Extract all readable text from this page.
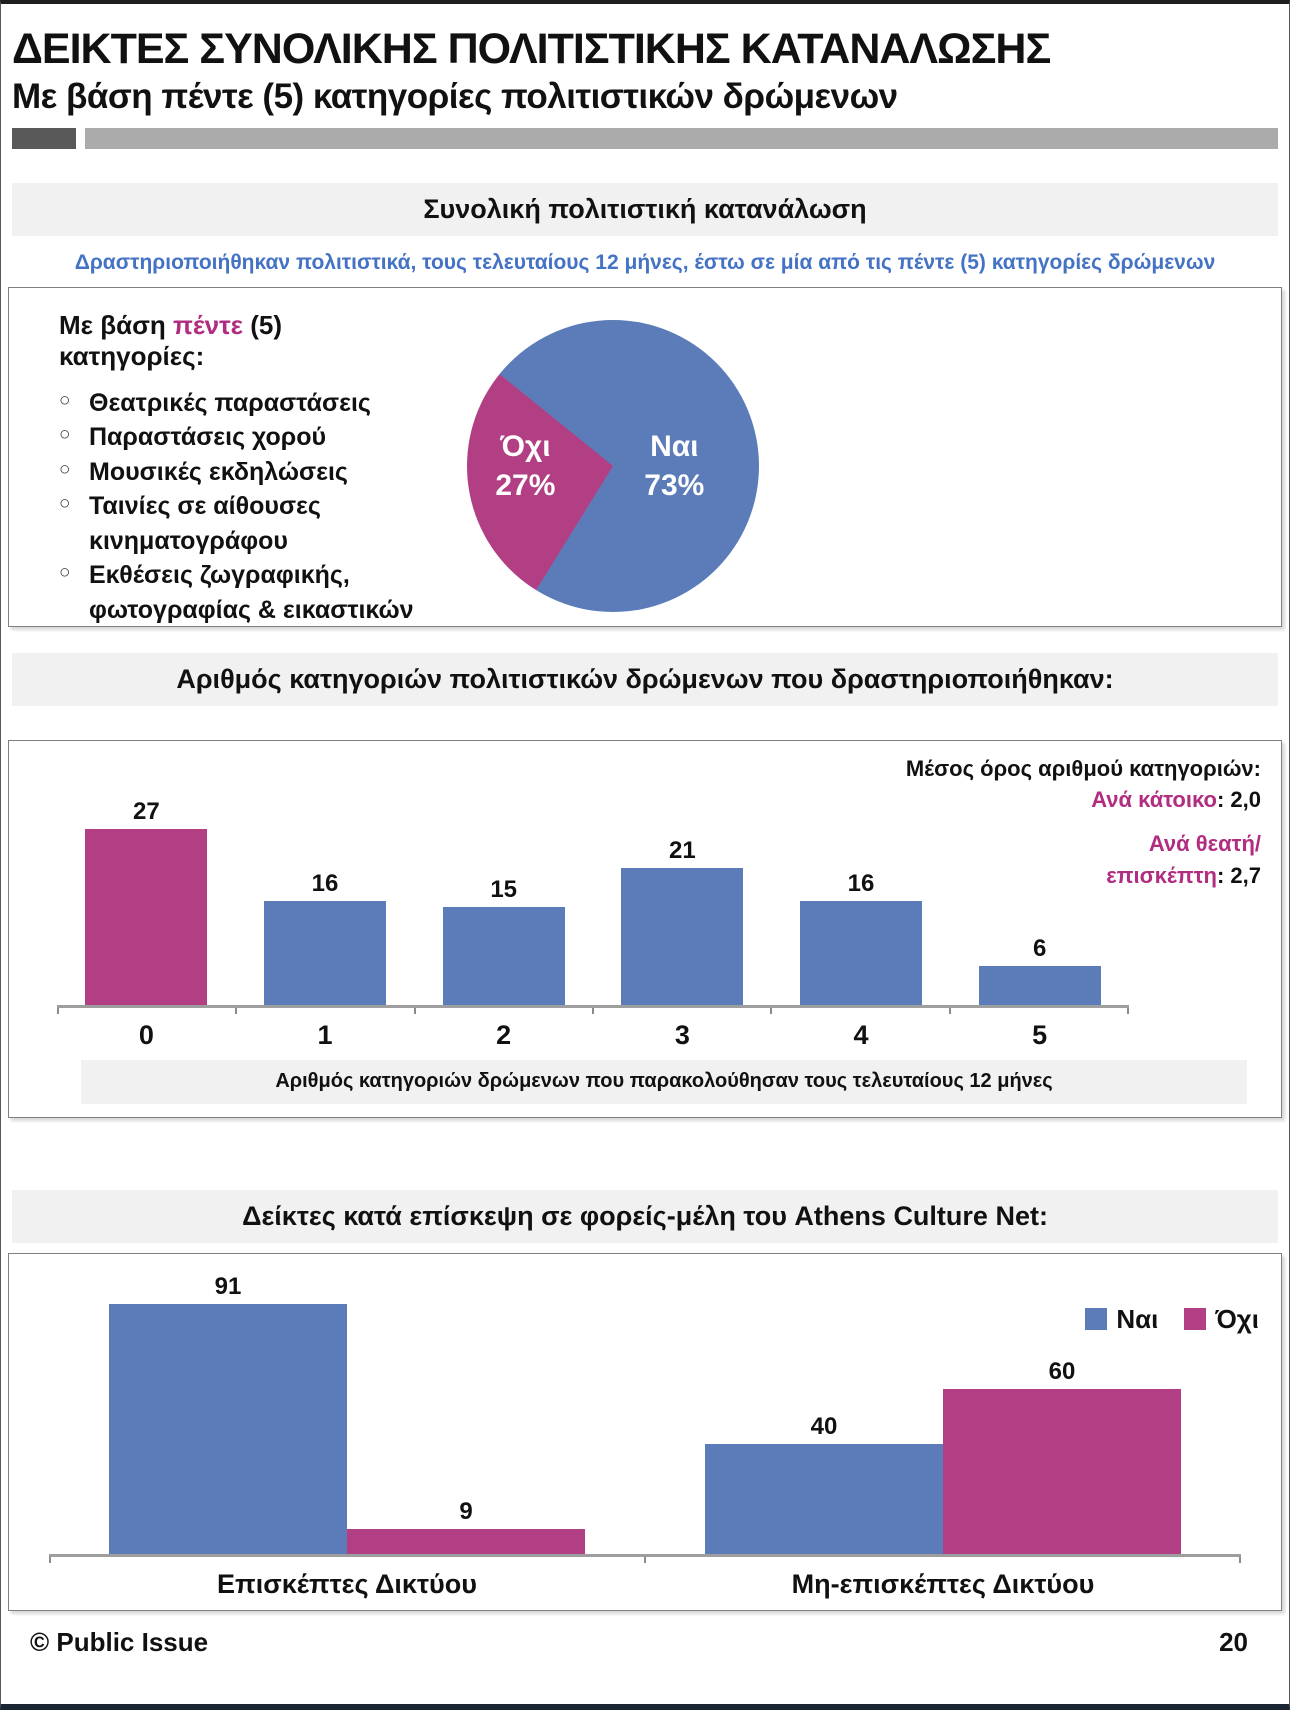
ΔΕΙΚΤΕΣ ΣΥΝΟΛΙΚΗΣ ΠΟΛΙΤΙΣΤΙΚΗΣ ΚΑΤΑΝΑΛΩΣΗΣ
Με βάση πέντε (5) κατηγορίες πολιτιστικών δρώμενων
Συνολική πολιτιστική κατανάλωση
Δραστηριοποιήθηκαν πολιτιστικά, τους τελευταίους 12 μήνες, έστω σε μία από τις πέντε (5) κατηγορίες δρώμενων
Με βάση πέντε (5) κατηγορίες:
○ Θεατρικές παραστάσεις
○ Παραστάσεις χορού
○ Μουσικές εκδηλώσεις
○ Ταινίες σε αίθουσες κινηματογράφου
○ Εκθέσεις ζωγραφικής, φωτογραφίας & εικαστικών
Όχι
27%
Ναι
73%
Αριθμός κατηγοριών πολιτιστικών δρώμενων που δραστηριοποιήθηκαν:
Μέσος όρος αριθμού κατηγοριών:
Ανά κάτοικο: 2,0
Ανά θεατή/
επισκέπτη: 2,7
27
16	15
21
16
6
0	1	2	3	4	5
Αριθμός κατηγοριών δρώμενων που παρακολούθησαν τους τελευταίους 12 μήνες
Δείκτες κατά επίσκεψη σε φορείς-μέλη του Athens Culture Net:
Ναι Όχι
91
9
40
60
Επισκέπτες Δικτύου	Μη-επισκέπτες Δικτύου
© Public Issue	20
